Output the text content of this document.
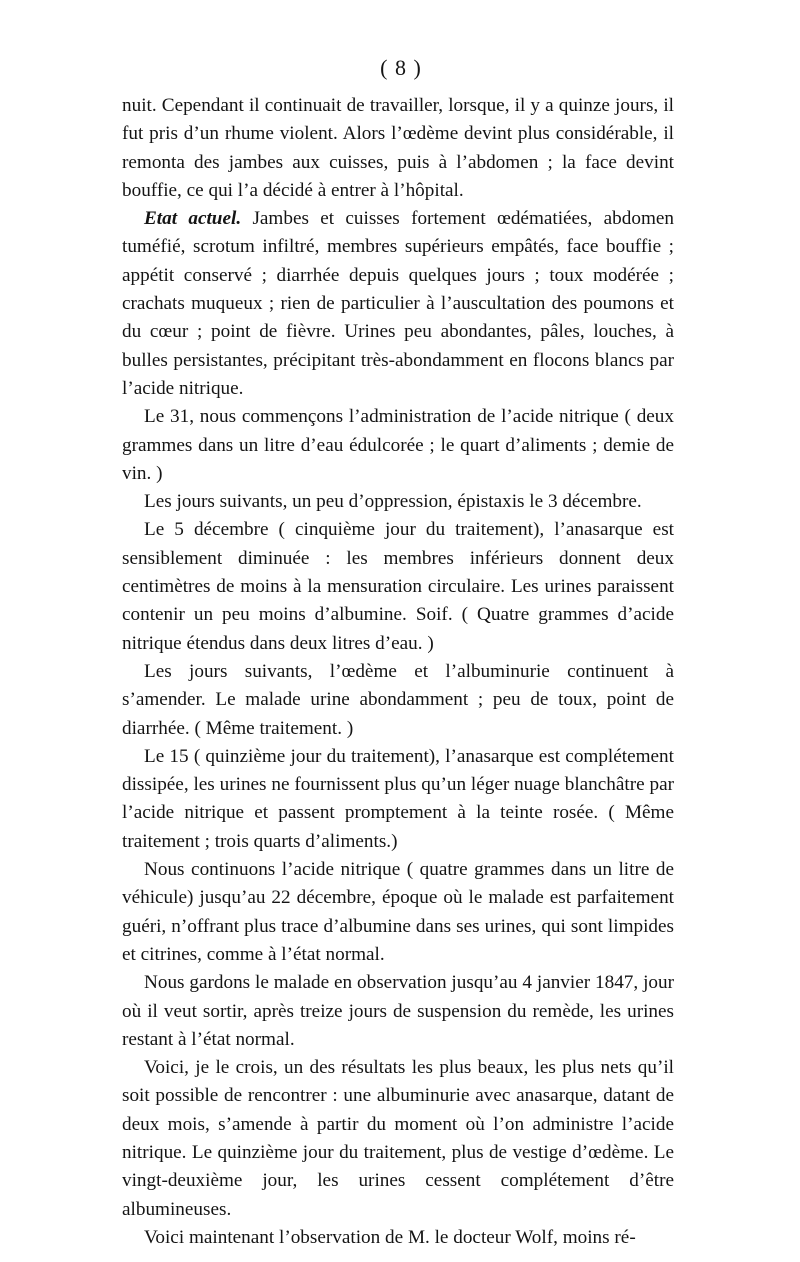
( 8 )

nuit. Cependant il continuait de travailler, lorsque, il y a quinze jours, il fut pris d’un rhume violent. Alors l’œdème devint plus considérable, il remonta des jambes aux cuisses, puis à l’abdomen ; la face devint bouffie, ce qui l’a décidé à entrer à l’hôpital.

Etat actuel. Jambes et cuisses fortement œdématiées, abdomen tuméfié, scrotum infiltré, membres supérieurs empâtés, face bouffie ; appétit conservé ; diarrhée depuis quelques jours ; toux modérée ; crachats muqueux ; rien de particulier à l’auscultation des poumons et du cœur ; point de fièvre. Urines peu abondantes, pâles, louches, à bulles persistantes, précipitant très-abondamment en flocons blancs par l’acide nitrique.

Le 31, nous commençons l’administration de l’acide nitrique ( deux grammes dans un litre d’eau édulcorée ; le quart d’aliments ; demie de vin. )

Les jours suivants, un peu d’oppression, épistaxis le 3 décembre.

Le 5 décembre ( cinquième jour du traitement), l’anasarque est sensiblement diminuée : les membres inférieurs donnent deux centimètres de moins à la mensuration circulaire. Les urines paraissent contenir un peu moins d’albumine. Soif. ( Quatre grammes d’acide nitrique étendus dans deux litres d’eau. )

Les jours suivants, l’œdème et l’albuminurie continuent à s’amender. Le malade urine abondamment ; peu de toux, point de diarrhée. ( Même traitement. )

Le 15 ( quinzième jour du traitement), l’anasarque est complétement dissipée, les urines ne fournissent plus qu’un léger nuage blanchâtre par l’acide nitrique et passent promptement à la teinte rosée. ( Même traitement ; trois quarts d’aliments.)

Nous continuons l’acide nitrique ( quatre grammes dans un litre de véhicule) jusqu’au 22 décembre, époque où le malade est parfaitement guéri, n’offrant plus trace d’albumine dans ses urines, qui sont limpides et citrines, comme à l’état normal.

Nous gardons le malade en observation jusqu’au 4 janvier 1847, jour où il veut sortir, après treize jours de suspension du remède, les urines restant à l’état normal.

Voici, je le crois, un des résultats les plus beaux, les plus nets qu’il soit possible de rencontrer : une albuminurie avec anasarque, datant de deux mois, s’amende à partir du moment où l’on administre l’acide nitrique. Le quinzième jour du traitement, plus de vestige d’œdème. Le vingt-deuxième jour, les urines cessent complétement d’être albumineuses.

Voici maintenant l’observation de M. le docteur Wolf, moins ré-
